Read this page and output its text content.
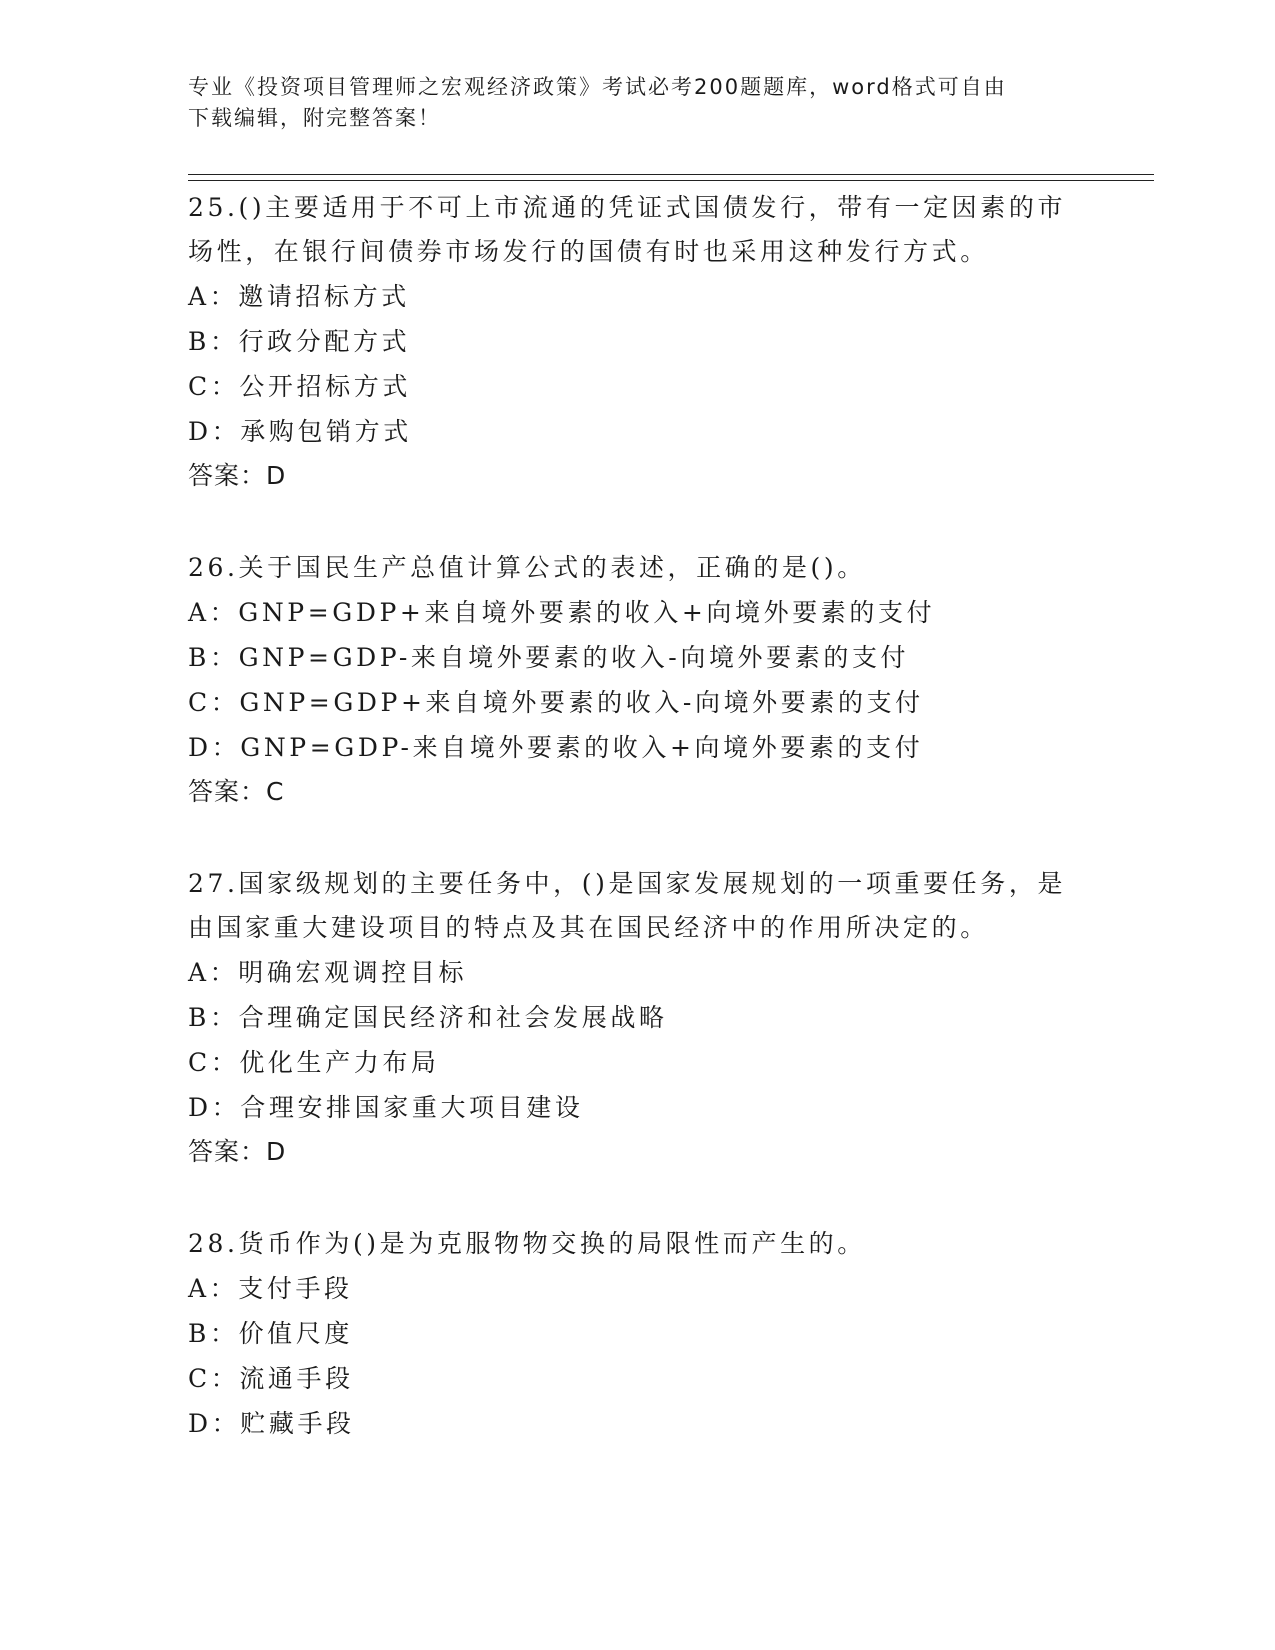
专业《投资项目管理师之宏观经济政策》考试必考200题题库，word格式可自由
下载编辑，附完整答案！

25.()主要适用于不可上市流通的凭证式国债发行，带有一定因素的市

场性，在银行间债券市场发行的国债有时也采用这种发行方式。

A：邀请招标方式

B：行政分配方式

C：公开招标方式

D：承购包销方式

答案：D

26.关于国民生产总值计算公式的表述，正确的是()。

A：GNP=GDP+来自境外要素的收入+向境外要素的支付

B：GNP=GDP-来自境外要素的收入-向境外要素的支付

C：GNP=GDP+来自境外要素的收入-向境外要素的支付

D：GNP=GDP-来自境外要素的收入+向境外要素的支付

答案：C

27.国家级规划的主要任务中，()是国家发展规划的一项重要任务，是

由国家重大建设项目的特点及其在国民经济中的作用所决定的。

A：明确宏观调控目标

B：合理确定国民经济和社会发展战略

C：优化生产力布局

D：合理安排国家重大项目建设

答案：D

28.货币作为()是为克服物物交换的局限性而产生的。

A：支付手段

B：价值尺度

C：流通手段

D：贮藏手段
